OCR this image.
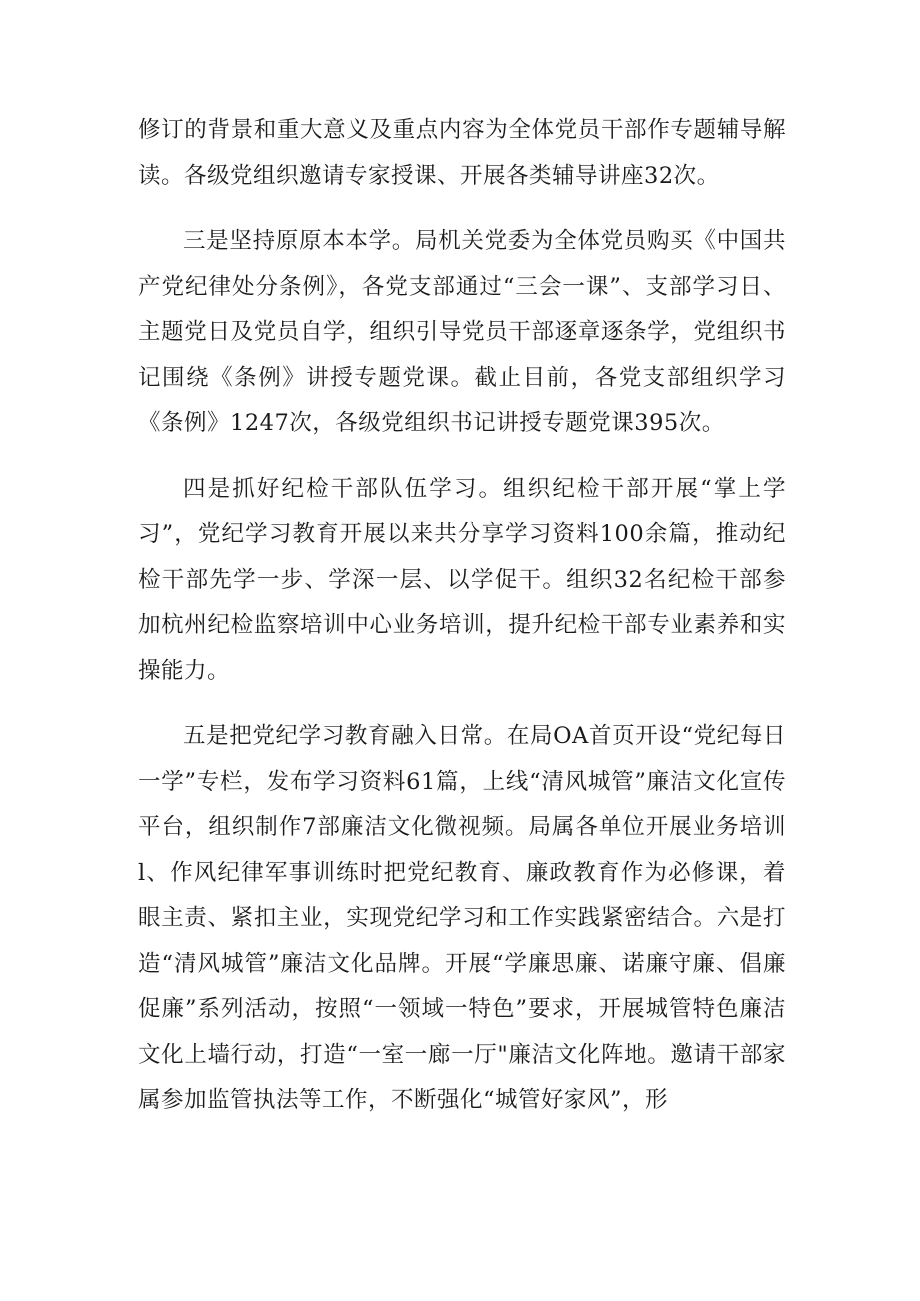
修订的背景和重大意义及重点内容为全体党员干部作专题辅导解读。各级党组织邀请专家授课、开展各类辅导讲座32次。

三是坚持原原本本学。局机关党委为全体党员购买《中国共产党纪律处分条例》，各党支部通过“三会一课”、支部学习日、主题党日及党员自学，组织引导党员干部逐章逐条学，党组织书记围绕《条例》讲授专题党课。截止目前，各党支部组织学习《条例》1247次，各级党组织书记讲授专题党课395次。

四是抓好纪检干部队伍学习。组织纪检干部开展“掌上学习”，党纪学习教育开展以来共分享学习资料100余篇，推动纪检干部先学一步、学深一层、以学促干。组织32名纪检干部参加杭州纪检监察培训中心业务培训，提升纪检干部专业素养和实操能力。

五是把党纪学习教育融入日常。在局OA首页开设“党纪每日一学”专栏，发布学习资料61篇，上线“清风城管”廉洁文化宣传平台，组织制作7部廉洁文化微视频。局属各单位开展业务培训l、作风纪律军事训练时把党纪教育、廉政教育作为必修课，着眼主责、紧扣主业，实现党纪学习和工作实践紧密结合。六是打造“清风城管”廉洁文化品牌。开展“学廉思廉、诺廉守廉、倡廉促廉”系列活动，按照“一领域一特色”要求，开展城管特色廉洁文化上墙行动，打造“一室一廊一厅"廉洁文化阵地。邀请干部家属参加监管执法等工作，不断强化“城管好家风”，形
